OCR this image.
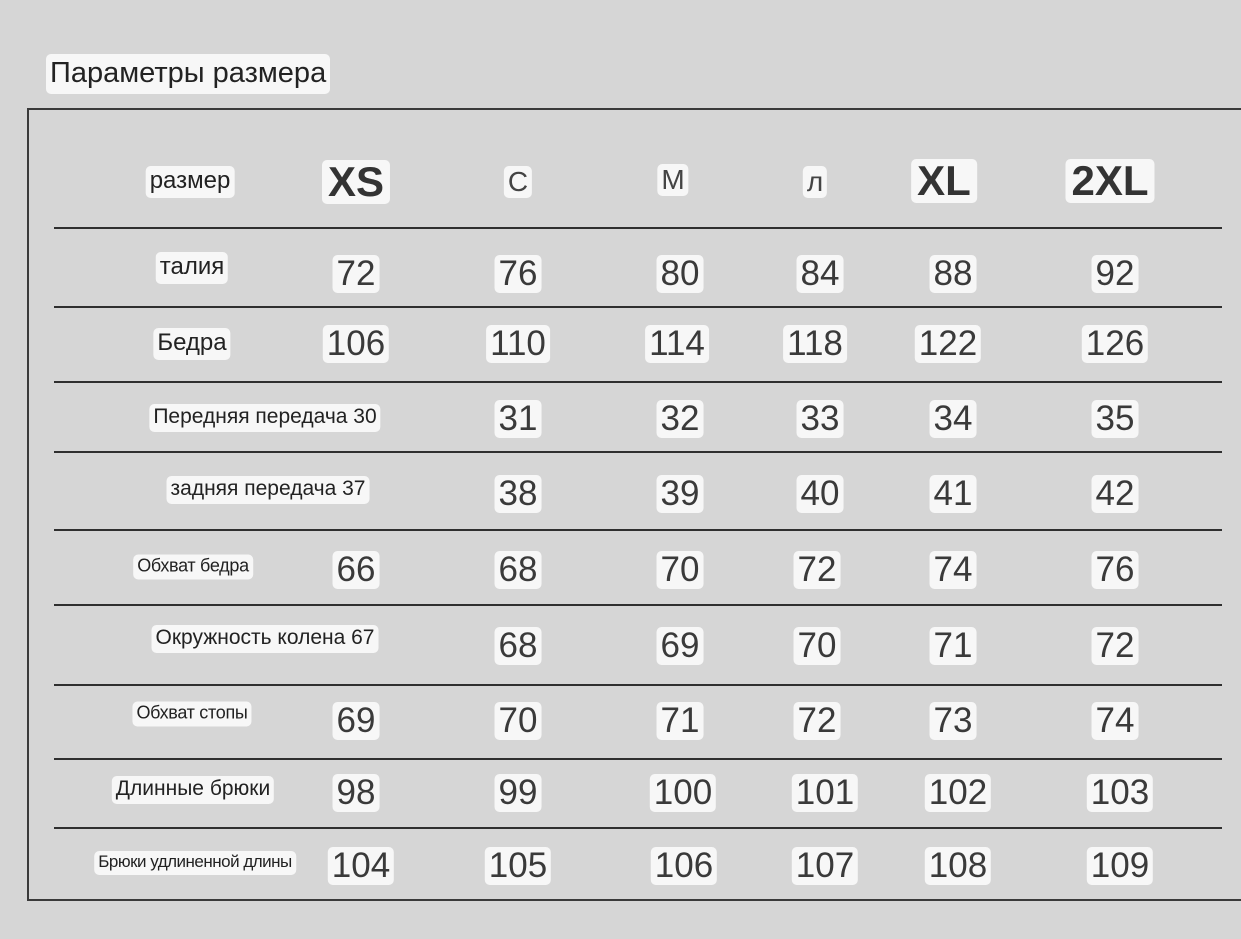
Параметры размера
размер XS	С	М	л XL 2XL
талия	72	76	80	84	88	92
Бедра	106	110	114 118 122	126
Передняя передача 30	31	32	33	34	35
задняя передача 37	38	39	40	41	42
Обхват бедра	66	68	70	72	74	76
Окружность колена 67	68	69	70	71	72
Обхват стопы	69	70	71	72	73	74
Длинные брюки 98	99	100 101 102	103
Брюки удлиненной длины 104	105	106 107 108	109
